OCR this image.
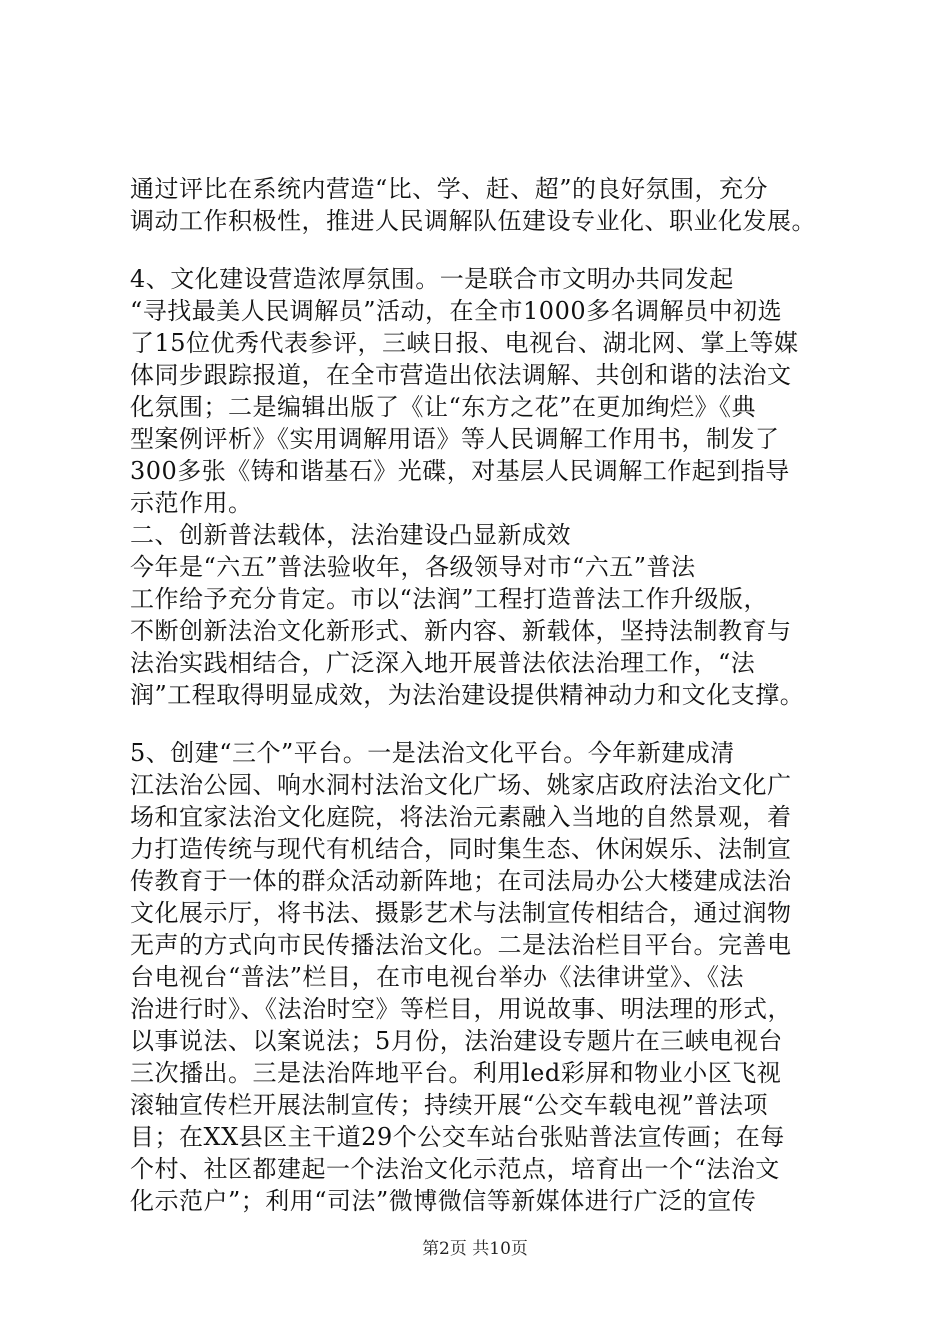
通过评比在系统内营造“比、学、赶、超”的良好氛围，充分
调动工作积极性，推进人民调解队伍建设专业化、职业化发展。
4、文化建设营造浓厚氛围。一是联合市文明办共同发起
“寻找最美人民调解员”活动，在全市1000多名调解员中初选
了15位优秀代表参评，三峡日报、电视台、湖北网、掌上等媒
体同步跟踪报道，在全市营造出依法调解、共创和谐的法治文
化氛围；二是编辑出版了《让“东方之花”在更加绚烂》《典
型案例评析》《实用调解用语》等人民调解工作用书，制发了
300多张《铸和谐基石》光碟，对基层人民调解工作起到指导
示范作用。
二、创新普法载体，法治建设凸显新成效
今年是“六五”普法验收年，各级领导对市“六五”普法
工作给予充分肯定。市以“法润”工程打造普法工作升级版，
不断创新法治文化新形式、新内容、新载体，坚持法制教育与
法治实践相结合，广泛深入地开展普法依法治理工作，“法
润”工程取得明显成效，为法治建设提供精神动力和文化支撑。
5、创建“三个”平台。一是法治文化平台。今年新建成清
江法治公园、响水洞村法治文化广场、姚家店政府法治文化广
场和宜家法治文化庭院，将法治元素融入当地的自然景观，着
力打造传统与现代有机结合，同时集生态、休闲娱乐、法制宣
传教育于一体的群众活动新阵地；在司法局办公大楼建成法治
文化展示厅，将书法、摄影艺术与法制宣传相结合，通过润物
无声的方式向市民传播法治文化。二是法治栏目平台。完善电
台电视台“普法”栏目，在市电视台举办《法律讲堂》、《法
治进行时》、《法治时空》等栏目，用说故事、明法理的形式，
以事说法、以案说法；5月份，法治建设专题片在三峡电视台
三次播出。三是法治阵地平台。利用led彩屏和物业小区飞视
滚轴宣传栏开展法制宣传；持续开展“公交车载电视”普法项
目；在XX县区主干道29个公交车站台张贴普法宣传画；在每
个村、社区都建起一个法治文化示范点，培育出一个“法治文
化示范户”；利用“司法”微博微信等新媒体进行广泛的宣传
第2页 共10页
